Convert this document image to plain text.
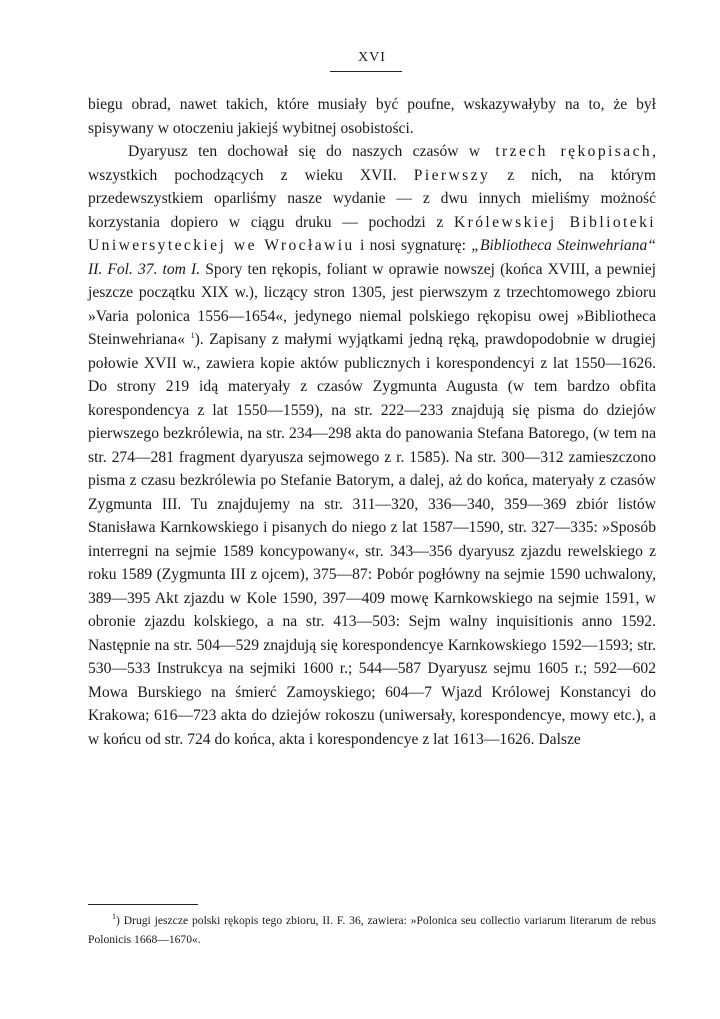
XVI

biegu obrad, nawet takich, które musiały być poufne, wskazywałyby na to, że był spisywany w otoczeniu jakiejś wybitnej osobistości.

Dyaryusz ten dochował się do naszych czasów w trzech rękopisach, wszystkich pochodzących z wieku XVII. Pierwszy z nich, na którym przedewszystkiem oparliśmy nasze wydanie — z dwu innych mieliśmy możność korzystania dopiero w ciągu druku — pochodzi z Królewskiej Biblioteki Uniwersyteckiej we Wrocławiu i nosi sygnaturę: „Bibliotheca Steinwehriana“ II. Fol. 37. tom I. Spory ten rękopis, foliant w oprawie nowszej (końca XVIII, a pewniej jeszcze początku XIX w.), liczący stron 1305, jest pierwszym z trzechtomowego zbioru »Varia polonica 1556—1654«, jedynego niemal polskiego rękopisu owej »Bibliotheca Steinwehriana« $^1$). Zapisany z małymi wyjątkami jedną ręką, prawdopodobnie w drugiej połowie XVII w., zawiera kopie aktów publicznych i korespondencyi z lat 1550—1626. Do strony 219 idą materyały z czasów Zygmunta Augusta (w tem bardzo obfita korespondencya z lat 1550—1559), na str. 222—233 znajdują się pisma do dziejów pierwszego bezkrólewia, na str. 234—298 akta do panowania Stefana Batorego, (w tem na str. 274—281 fragment dyaryusza sejmowego z r. 1585). Na str. 300—312 zamieszczono pisma z czasu bezkrólewia po Stefanie Batorym, a dalej, aż do końca, materyały z czasów Zygmunta III. Tu znajdujemy na str. 311—320, 336—340, 359—369 zbiór listów Stanisława Karnkowskiego i pisanych do niego z lat 1587—1590, str. 327—335: »Sposób interregni na sejmie 1589 koncypowany«, str. 343—356 dyaryusz zjazdu rewelskiego z roku 1589 (Zygmunta III z ojcem), 375—87: Pobór pogłówny na sejmie 1590 uchwalony, 389—395 Akt zjazdu w Kole 1590, 397—409 mowę Karnkowskiego na sejmie 1591, w obronie zjazdu kolskiego, a na str. 413—503: Sejm walny inquisitionis anno 1592. Następnie na str. 504—529 znajdują się korespondencye Karnkowskiego 1592—1593; str. 530—533 Instrukcya na sejmiki 1600 r.; 544—587 Dyaryusz sejmu 1605 r.; 592—602 Mowa Burskiego na śmierć Zamoyskiego; 604—7 Wjazd Królowej Konstancyi do Krakowa; 616—723 akta do dziejów rokoszu (uniwersały, korespondencye, mowy etc.), a w końcu od str. 724 do końca, akta i korespondencye z lat 1613—1626. Dalsze

$^1$) Drugi jeszcze polski rękopis tego zbioru, II. F. 36, zawiera: »Polonica seu collectio variarum literarum de rebus Polonicis 1668—1670«.
